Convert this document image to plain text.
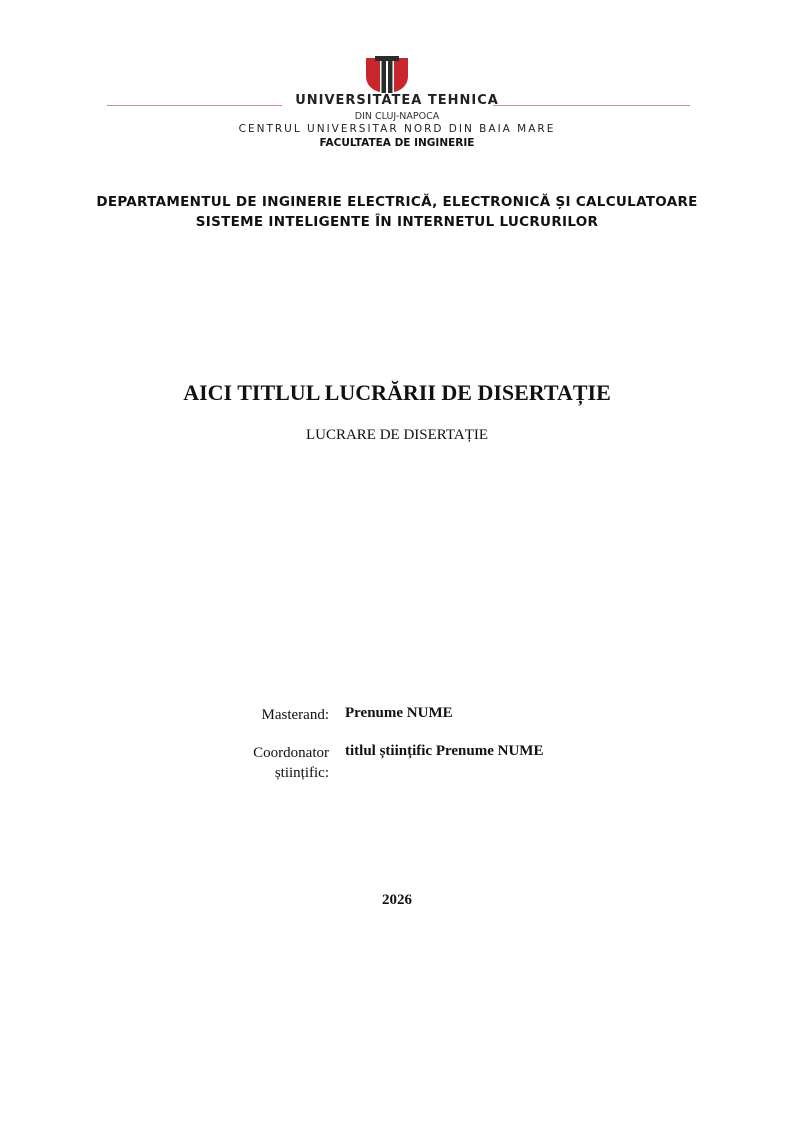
UNIVERSITATEA TEHNICA
DIN CLUJ-NAPOCA
CENTRUL UNIVERSITAR NORD DIN BAIA MARE
FACULTATEA DE INGINERIE
DEPARTAMENTUL DE INGINERIE ELECTRICĂ, ELECTRONICĂ ȘI CALCULATOARE
SISTEME INTELIGENTE ÎN INTERNETUL LUCRURILOR
AICI TITLUL LUCRĂRII DE DISERTAȚIE
LUCRARE DE DISERTAȚIE
Masterand: Prenume NUME
Coordonator
științific:
titlul științific Prenume NUME
2026
